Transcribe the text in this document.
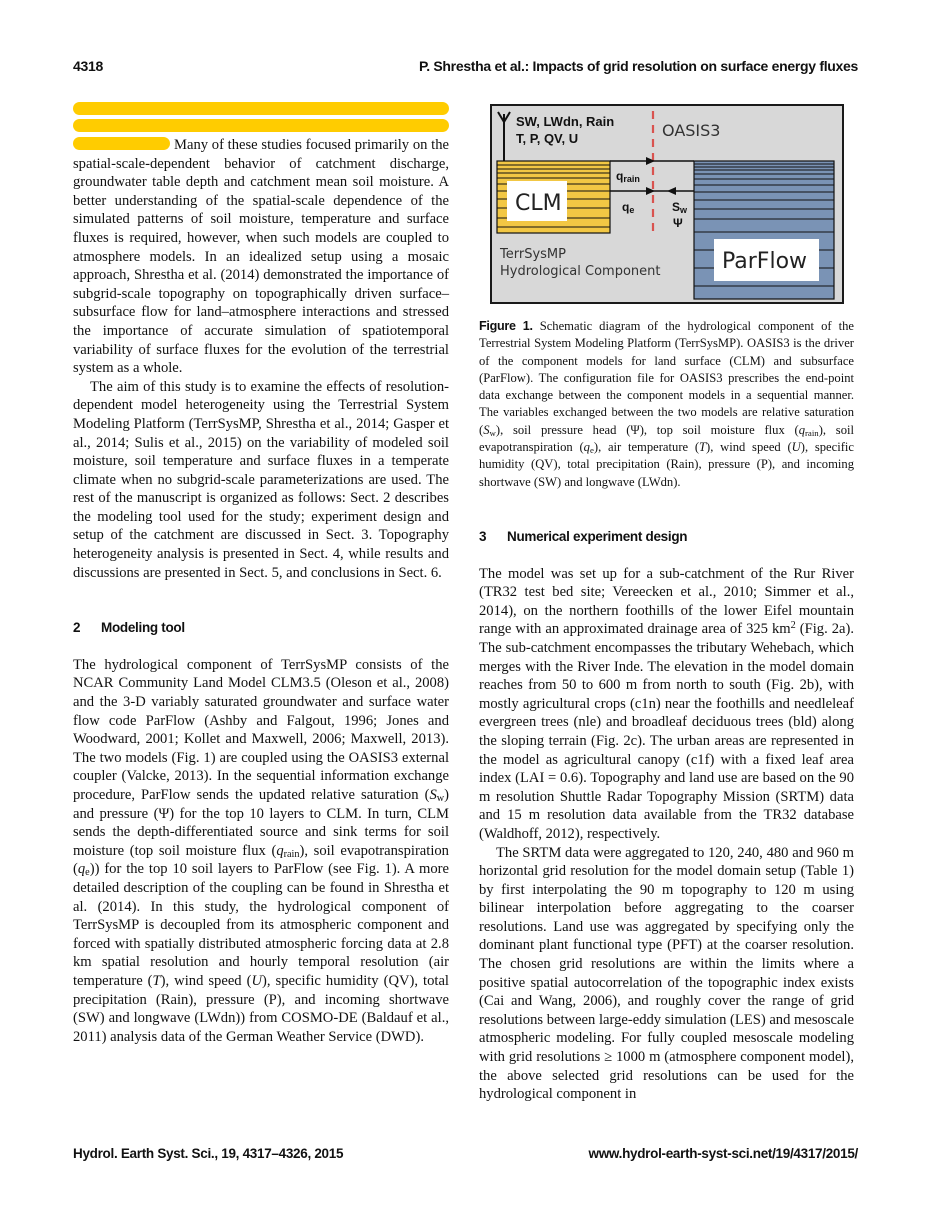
4318	P. Shrestha et al.: Impacts of grid resolution on surface energy fluxes

Many of these studies focused primarily on the spatial-scale-dependent behavior of catchment discharge, groundwater table depth and catchment mean soil moisture. A better understanding of the spatial-scale dependence of the simulated patterns of soil moisture, temperature and surface fluxes is required, however, when such models are coupled to atmosphere models. In an idealized setup using a mosaic approach, Shrestha et al. (2014) demonstrated the importance of subgrid-scale topography on topographically driven surface–subsurface flow for land–atmosphere interactions and stressed the importance of accurate simulation of spatiotemporal variability of surface fluxes for the evolution of the terrestrial system as a whole.

The aim of this study is to examine the effects of resolution-dependent model heterogeneity using the Terrestrial System Modeling Platform (TerrSysMP, Shrestha et al., 2014; Gasper et al., 2014; Sulis et al., 2015) on the variability of modeled soil moisture, soil temperature and surface fluxes in a temperate climate when no subgrid-scale parameterizations are used. The rest of the manuscript is organized as follows: Sect. 2 describes the modeling tool used for the study; experiment design and setup of the catchment are discussed in Sect. 3. Topography heterogeneity analysis is presented in Sect. 4, while results and discussions are presented in Sect. 5, and conclusions in Sect. 6.

2 Modeling tool

The hydrological component of TerrSysMP consists of the NCAR Community Land Model CLM3.5 (Oleson et al., 2008) and the 3-D variably saturated groundwater and surface water flow code ParFlow (Ashby and Falgout, 1996; Jones and Woodward, 2001; Kollet and Maxwell, 2006; Maxwell, 2013). The two models (Fig. 1) are coupled using the OASIS3 external coupler (Valcke, 2013). In the sequential information exchange procedure, ParFlow sends the updated relative saturation $(S_w)$ and pressure (Ψ) for the top 10 layers to CLM. In turn, CLM sends the depth-differentiated source and sink terms for soil moisture (top soil moisture flux $(q_{rain})$, soil evapotranspiration $(q_e)$) for the top 10 soil layers to ParFlow (see Fig. 1). A more detailed description of the coupling can be found in Shrestha et al. (2014). In this study, the hydrological component of TerrSysMP is decoupled from its atmospheric component and forced with spatially distributed atmospheric forcing data at 2.8 km spatial resolution and hourly temporal resolution (air temperature (T), wind speed (U), specific humidity (QV), total precipitation (Rain), pressure (P), and incoming shortwave (SW) and longwave (LWdn)) from COSMO-DE (Baldauf et al., 2011) analysis data of the German Weather Service (DWD).

SW, LWdn, Rain
T, P, QV, U
CLM
ParFlow
OASIS3
qrain
qe	Sw
Ψ
TerrSysMP
Hydrological Component
Figure 1. Schematic diagram of the hydrological component of the Terrestrial System Modeling Platform (TerrSysMP). OASIS3 is the driver of the component models for land surface (CLM) and subsurface (ParFlow). The configuration file for OASIS3 prescribes the end-point data exchange between the component models in a sequential manner. The variables exchanged between the two models are relative saturation $(S_w)$, soil pressure head (Ψ), top soil moisture flux $(q_{rain})$, soil evapotranspiration $(q_e)$, air temperature (T), wind speed (U), specific humidity (QV), total precipitation (Rain), pressure (P), and incoming shortwave (SW) and longwave (LWdn).

3 Numerical experiment design

The model was set up for a sub-catchment of the Rur River (TR32 test bed site; Vereecken et al., 2010; Simmer et al., 2014), on the northern foothills of the lower Eifel mountain range with an approximated drainage area of 325 $km^2$ (Fig. 2a). The sub-catchment encompasses the tributary Wehebach, which merges with the River Inde. The elevation in the model domain reaches from 50 to 600 m from north to south (Fig. 2b), with mostly agricultural crops (c1n) near the foothills and needleleaf evergreen trees (nle) and broadleaf deciduous trees (bld) along the sloping terrain (Fig. 2c). The urban areas are represented in the model as agricultural canopy (c1f) with a fixed leaf area index (LAI = 0.6). Topography and land use are based on the 90 m resolution Shuttle Radar Topography Mission (SRTM) data and 15 m resolution data available from the TR32 database (Waldhoff, 2012), respectively.

The SRTM data were aggregated to 120, 240, 480 and 960 m horizontal grid resolution for the model domain setup (Table 1) by first interpolating the 90 m topography to 120 m using bilinear interpolation before aggregating to the coarser resolutions. Land use was aggregated by specifying only the dominant plant functional type (PFT) at the coarser resolution. The chosen grid resolutions are within the limits where a positive spatial autocorrelation of the topographic index exists (Cai and Wang, 2006), and roughly cover the range of grid resolutions between large-eddy simulation (LES) and mesoscale atmospheric modeling. For fully coupled mesoscale modeling with grid resolutions ≥ 1000 m (atmosphere component model), the above selected grid resolutions can be used for the hydrological component in

Hydrol. Earth Syst. Sci., 19, 4317–4326, 2015	www.hydrol-earth-syst-sci.net/19/4317/2015/
